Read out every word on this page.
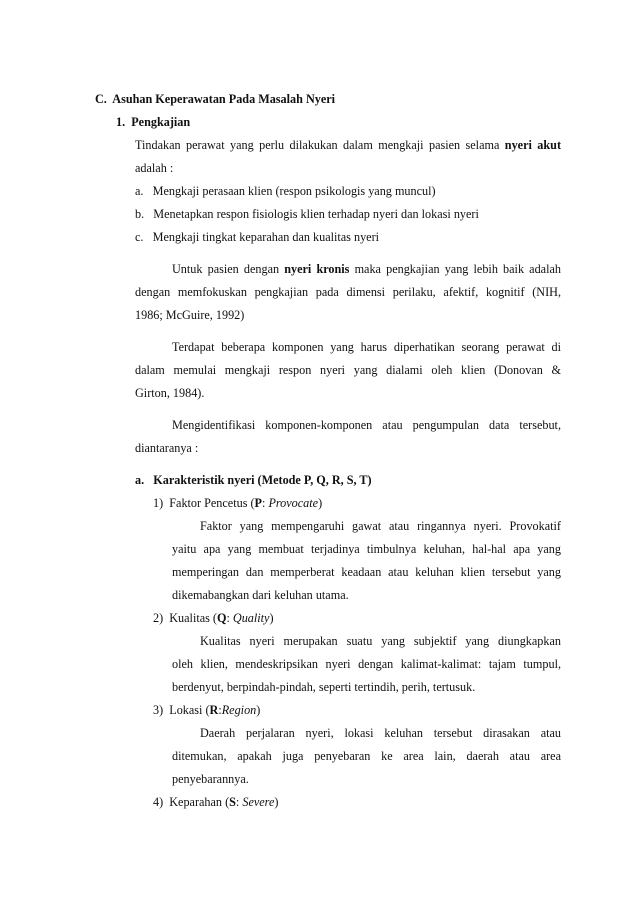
C. Asuhan Keperawatan Pada Masalah Nyeri
1. Pengkajian
Tindakan perawat yang perlu dilakukan dalam mengkaji pasien selama nyeri akut
adalah :
a. Mengkaji perasaan klien (respon psikologis yang muncul)
b. Menetapkan respon fisiologis klien terhadap nyeri dan lokasi nyeri
c. Mengkaji tingkat keparahan dan kualitas nyeri
Untuk pasien dengan nyeri kronis maka pengkajian yang lebih baik adalah
dengan memfokuskan pengkajian pada dimensi perilaku, afektif, kognitif (NIH,
1986; McGuire, 1992)
Terdapat beberapa komponen yang harus diperhatikan seorang perawat di
dalam memulai mengkaji respon nyeri yang dialami oleh klien (Donovan &
Girton, 1984).
Mengidentifikasi komponen-komponen atau pengumpulan data tersebut,
diantaranya :
a. Karakteristik nyeri (Metode P, Q, R, S, T)
1) Faktor Pencetus (P: Provocate)
Faktor yang mempengaruhi gawat atau ringannya nyeri. Provokatif
yaitu apa yang membuat terjadinya timbulnya keluhan, hal-hal apa yang
memperingan dan memperberat keadaan atau keluhan klien tersebut yang
dikemabangkan dari keluhan utama.
2) Kualitas (Q: Quality)
Kualitas nyeri merupakan suatu yang subjektif yang diungkapkan
oleh klien, mendeskripsikan nyeri dengan kalimat-kalimat: tajam tumpul,
berdenyut, berpindah-pindah, seperti tertindih, perih, tertusuk.
3) Lokasi (R:Region)
Daerah perjalaran nyeri, lokasi keluhan tersebut dirasakan atau
ditemukan, apakah juga penyebaran ke area lain, daerah atau area
penyebarannya.
4) Keparahan (S: Severe)
